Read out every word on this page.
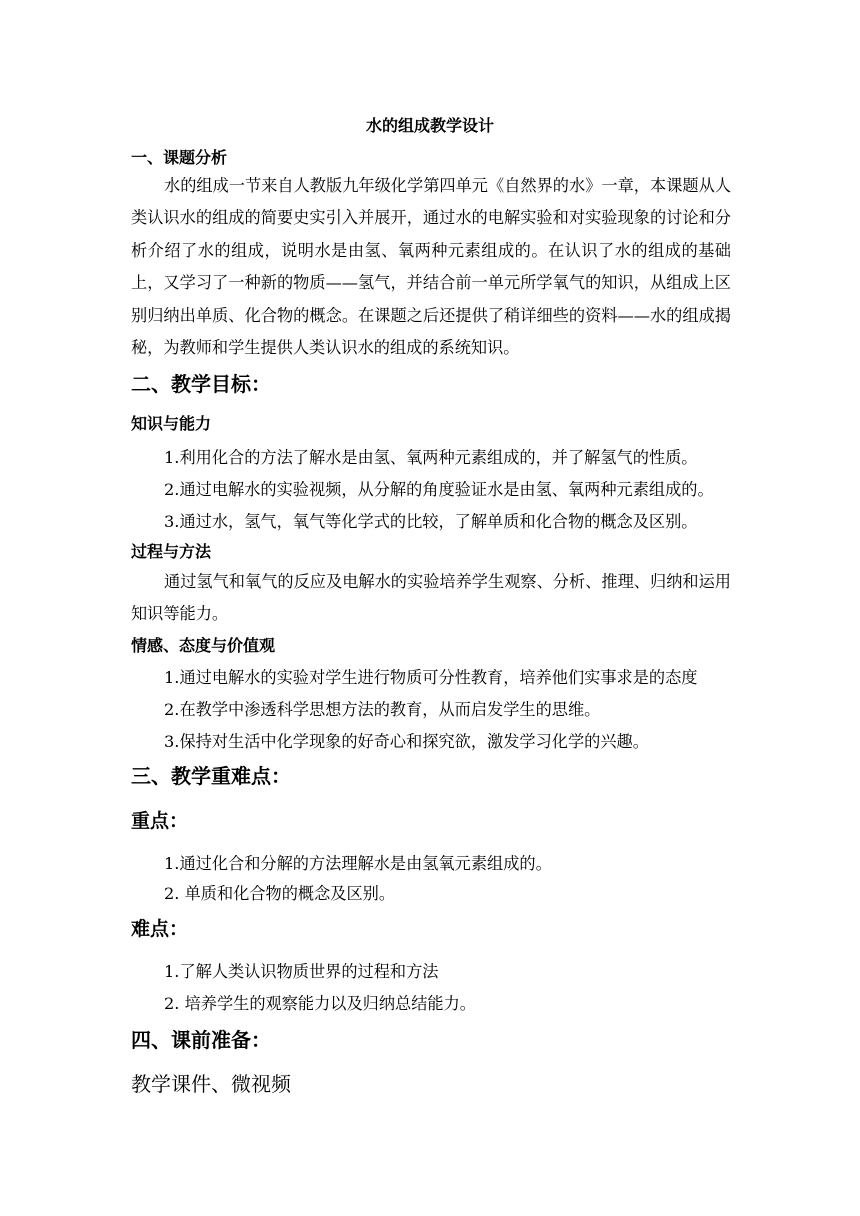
水的组成教学设计
一、课题分析

水的组成一节来自人教版九年级化学第四单元《自然界的水》一章，本课题从人类认识水的组成的简要史实引入并展开，通过水的电解实验和对实验现象的讨论和分析介绍了水的组成，说明水是由氢、氧两种元素组成的。在认识了水的组成的基础上，又学习了一种新的物质——氢气，并结合前一单元所学氧气的知识，从组成上区别归纳出单质、化合物的概念。在课题之后还提供了稍详细些的资料——水的组成揭秘，为教师和学生提供人类认识水的组成的系统知识。

二、教学目标：
知识与能力
1.利用化合的方法了解水是由氢、氧两种元素组成的，并了解氢气的性质。
2.通过电解水的实验视频，从分解的角度验证水是由氢、氧两种元素组成的。
3.通过水，氢气，氧气等化学式的比较，了解单质和化合物的概念及区别。
过程与方法

通过氢气和氧气的反应及电解水的实验培养学生观察、分析、推理、归纳和运用知识等能力。

情感、态度与价值观
1.通过电解水的实验对学生进行物质可分性教育，培养他们实事求是的态度
2.在教学中渗透科学思想方法的教育，从而启发学生的思维。
3.保持对生活中化学现象的好奇心和探究欲，激发学习化学的兴趣。
三、教学重难点：
重点：
1.通过化合和分解的方法理解水是由氢氧元素组成的。
2. 单质和化合物的概念及区别。
难点：
1.了解人类认识物质世界的过程和方法
2. 培养学生的观察能力以及归纳总结能力。
四、课前准备：
教学课件、微视频
